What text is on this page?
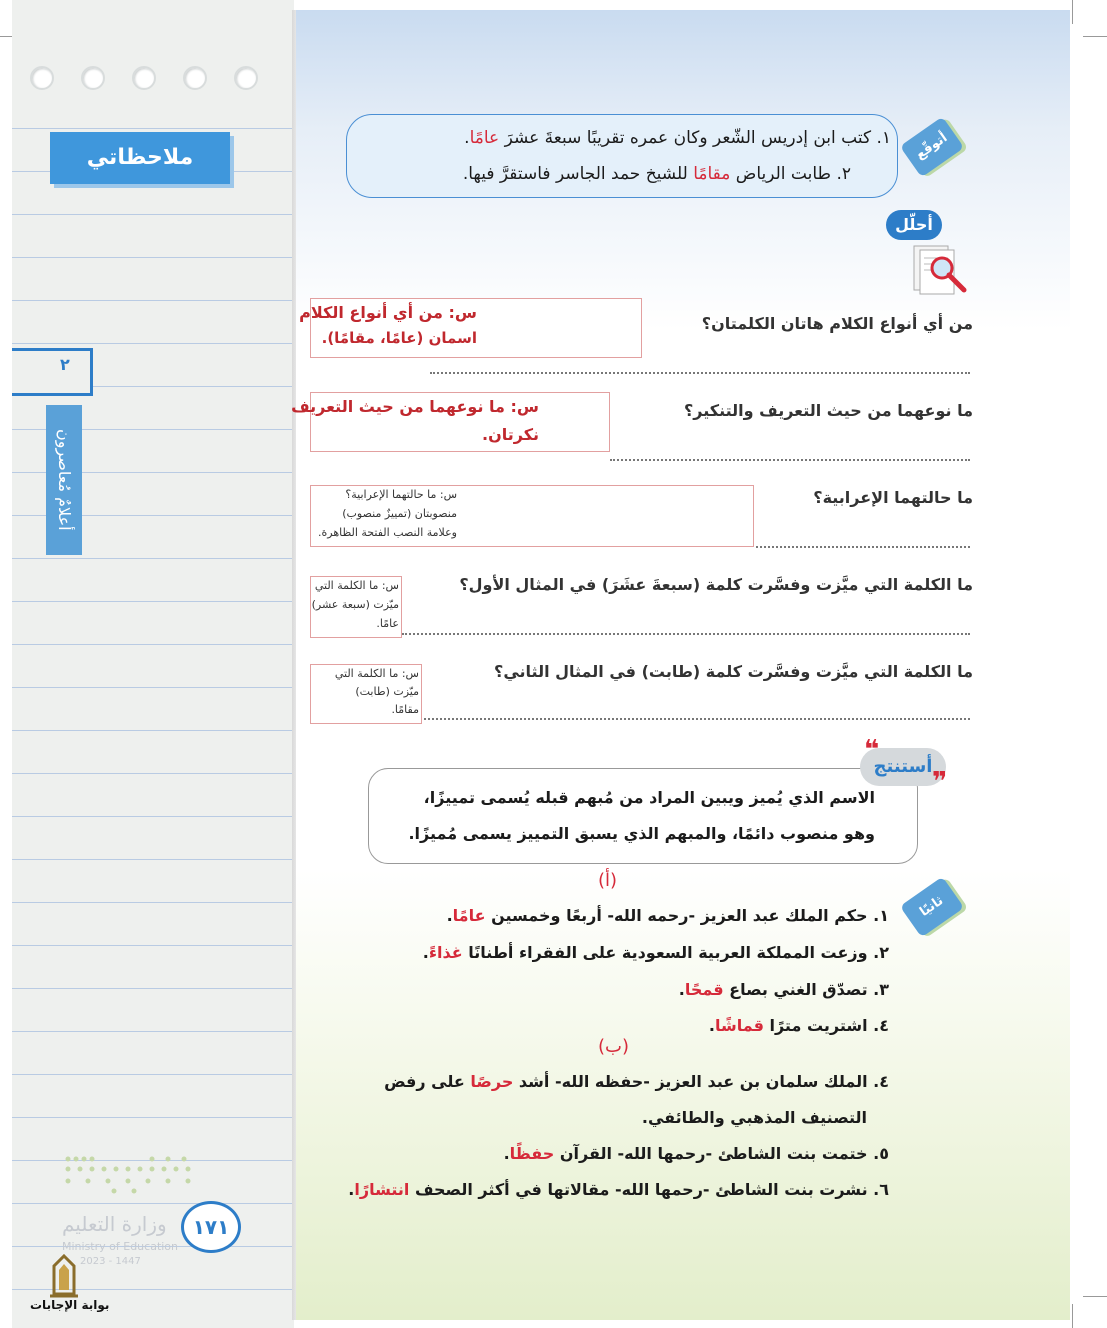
ملاحظاتي
٢
أعلامٌ مُعاصرون
أتوقّع
١. كتب ابن إدريس الشّعر وكان عمره تقريبًا سبعةَ عشرَ عامًا.
٢. طابت الرياض مقامًا للشيخ حمد الجاسر فاستقرَّ فيها.
أحلّل
من أي أنواع الكلام هاتان الكلمتان؟
س: من أي أنواع الكلام
اسمان (عامًا، مقامًا).
ما نوعهما من حيث التعريف والتنكير؟
س: ما نوعهما من حيث التعريف
نكرتان.
ما حالتهما الإعرابية؟
س: ما حالتهما الإعرابية؟
منصوبتان (تمييزٌ منصوب)
وعلامة النصب الفتحة الظاهرة.
ما الكلمة التي ميَّزت وفسَّرت كلمة (سبعةَ عشَرَ) في المثال الأول؟
س: ما الكلمة التي
ميّزت (سبعة عشر)
عامًا.
ما الكلمة التي ميَّزت وفسَّرت كلمة (طابت) في المثال الثاني؟
س: ما الكلمة التي
ميّزت (طابت)
مقامًا.
أستنتج
❝
❞
الاسم الذي يُميز ويبين المراد من مُبهم قبله يُسمى تمييزًا،
وهو منصوب دائمًا، والمبهم الذي يسبق التمييز يسمى مُميزًا.
ثانيًا
(أ)
١. حكم الملك عبد العزيز -رحمه الله- أربعًا وخمسين عامًا.
٢. وزعت المملكة العربية السعودية على الفقراء أطنانًا غذاءً.
٣. تصدّق الغني بصاع قمحًا.
٤. اشتريت مترًا قماشًا.
(ب)
٤. الملك سلمان بن عبد العزيز -حفظه الله- أشد حرصًا على رفض
التصنيف المذهبي والطائفي.
٥. ختمت بنت الشاطئ -رحمها الله- القرآن حفظًا.
٦. نشرت بنت الشاطئ -رحمها الله- مقالاتها في أكثر الصحف انتشارًا.
وزارة التعليم
Ministry of Education
2023 - 1447
١٧١
بوابة الإجابات
